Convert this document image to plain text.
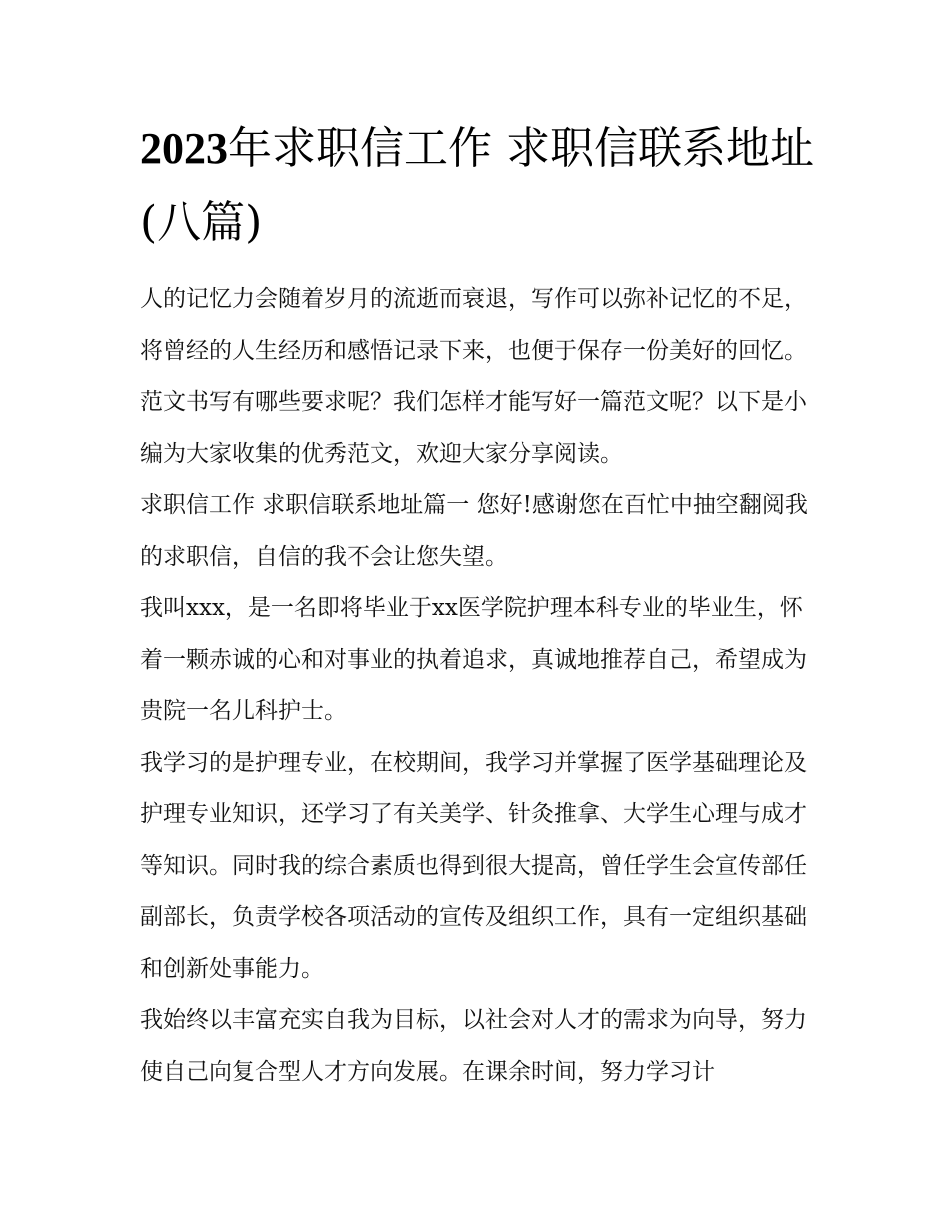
2023年求职信工作 求职信联系地址(八篇)

人的记忆力会随着岁月的流逝而衰退，写作可以弥补记忆的不足，将曾经的人生经历和感悟记录下来，也便于保存一份美好的回忆。范文书写有哪些要求呢？我们怎样才能写好一篇范文呢？以下是小编为大家收集的优秀范文，欢迎大家分享阅读。

求职信工作 求职信联系地址篇一 您好!感谢您在百忙中抽空翻阅我的求职信，自信的我不会让您失望。

我叫xxx，是一名即将毕业于xx医学院护理本科专业的毕业生，怀着一颗赤诚的心和对事业的执着追求，真诚地推荐自己，希望成为贵院一名儿科护士。

我学习的是护理专业，在校期间，我学习并掌握了医学基础理论及护理专业知识，还学习了有关美学、针灸推拿、大学生心理与成才等知识。同时我的综合素质也得到很大提高，曾任学生会宣传部任副部长，负责学校各项活动的宣传及组织工作，具有一定组织基础和创新处事能力。

我始终以丰富充实自我为目标，以社会对人才的需求为向导，努力使自己向复合型人才方向发展。在课余时间，努力学习计
